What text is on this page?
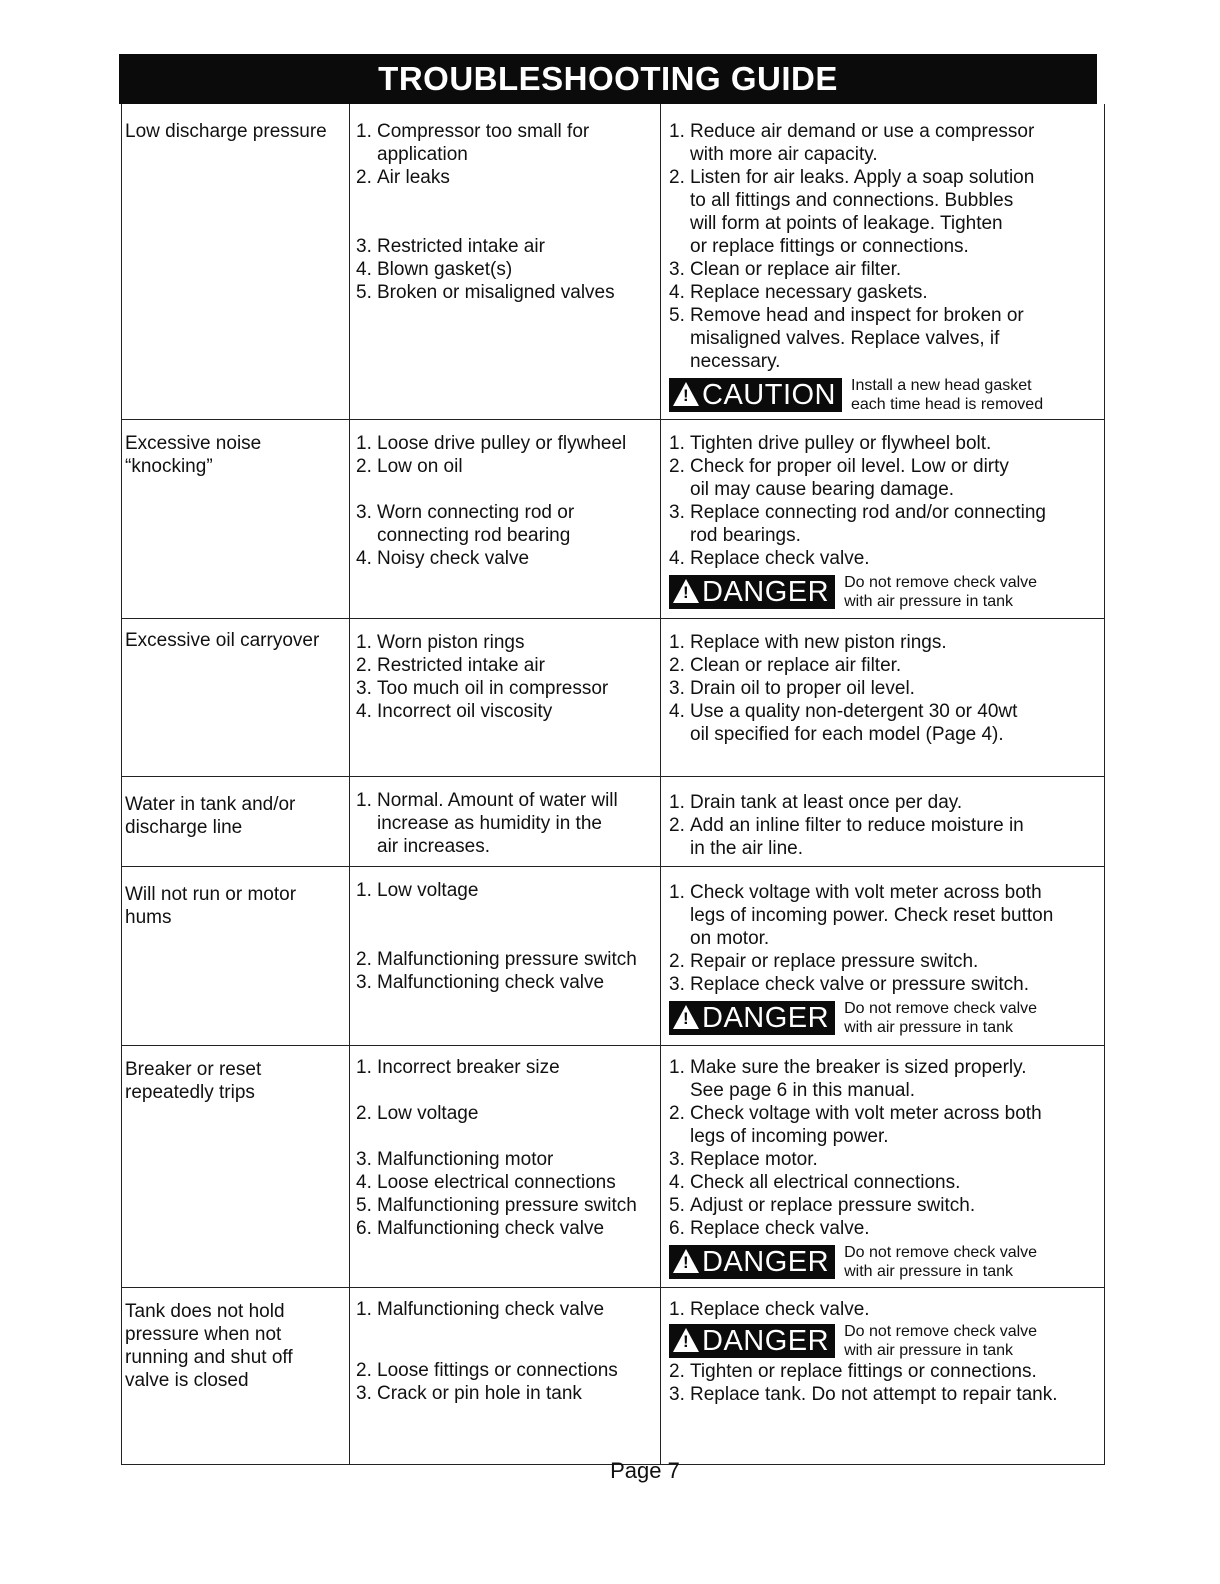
TROUBLESHOOTING GUIDE
Low discharge pressure	1. Compressor too small for
application
2. Air leaks
3. Restricted intake air
4. Blown gasket(s)
5. Broken or misaligned valves
1. Reduce air demand or use a compressor
with more air capacity.
2. Listen for air leaks. Apply a soap solution
to all fittings and connections. Bubbles
will form at points of leakage. Tighten
or replace fittings or connections.
3. Clean or replace air filter.
4. Replace necessary gaskets.
5. Remove head and inspect for broken or
misaligned valves. Replace valves, if
necessary.
! CAUTION Install a new head gasket
each time head is removed
Excessive noise
“knocking”
1. Loose drive pulley or flywheel
2. Low on oil
3. Worn connecting rod or
connecting rod bearing
4. Noisy check valve
1. Tighten drive pulley or flywheel bolt.
2. Check for proper oil level. Low or dirty
oil may cause bearing damage.
3. Replace connecting rod and/or connecting
rod bearings.
4. Replace check valve.
! DANGER Do not remove check valve
with air pressure in tank
Excessive oil carryover	1. Worn piston rings
2. Restricted intake air
3. Too much oil in compressor
4. Incorrect oil viscosity
1. Replace with new piston rings.
2. Clean or replace air filter.
3. Drain oil to proper oil level.
4. Use a quality non-detergent 30 or 40wt
oil specified for each model (Page 4).
Water in tank and/or
discharge line
1. Normal. Amount of water will
increase as humidity in the
air increases.
1. Drain tank at least once per day.
2. Add an inline filter to reduce moisture in
in the air line.
Will not run or motor
hums
1. Low voltage
2. Malfunctioning pressure switch
3. Malfunctioning check valve
1. Check voltage with volt meter across both
legs of incoming power. Check reset button
on motor.
2. Repair or replace pressure switch.
3. Replace check valve or pressure switch.
! DANGER Do not remove check valve
with air pressure in tank
Breaker or reset
repeatedly trips
1. Incorrect breaker size
2. Low voltage
3. Malfunctioning motor
4. Loose electrical connections
5. Malfunctioning pressure switch
6. Malfunctioning check valve
1. Make sure the breaker is sized properly.
See page 6 in this manual.
2. Check voltage with volt meter across both
legs of incoming power.
3. Replace motor.
4. Check all electrical connections.
5. Adjust or replace pressure switch.
6. Replace check valve.
! DANGER Do not remove check valve
with air pressure in tank
Tank does not hold
pressure when not
running and shut off
valve is closed
1. Malfunctioning check valve
2. Loose fittings or connections
3. Crack or pin hole in tank
1. Replace check valve.
! DANGER Do not remove check valve
with air pressure in tank
2. Tighten or replace fittings or connections.
3. Replace tank. Do not attempt to repair tank.
Page 7
